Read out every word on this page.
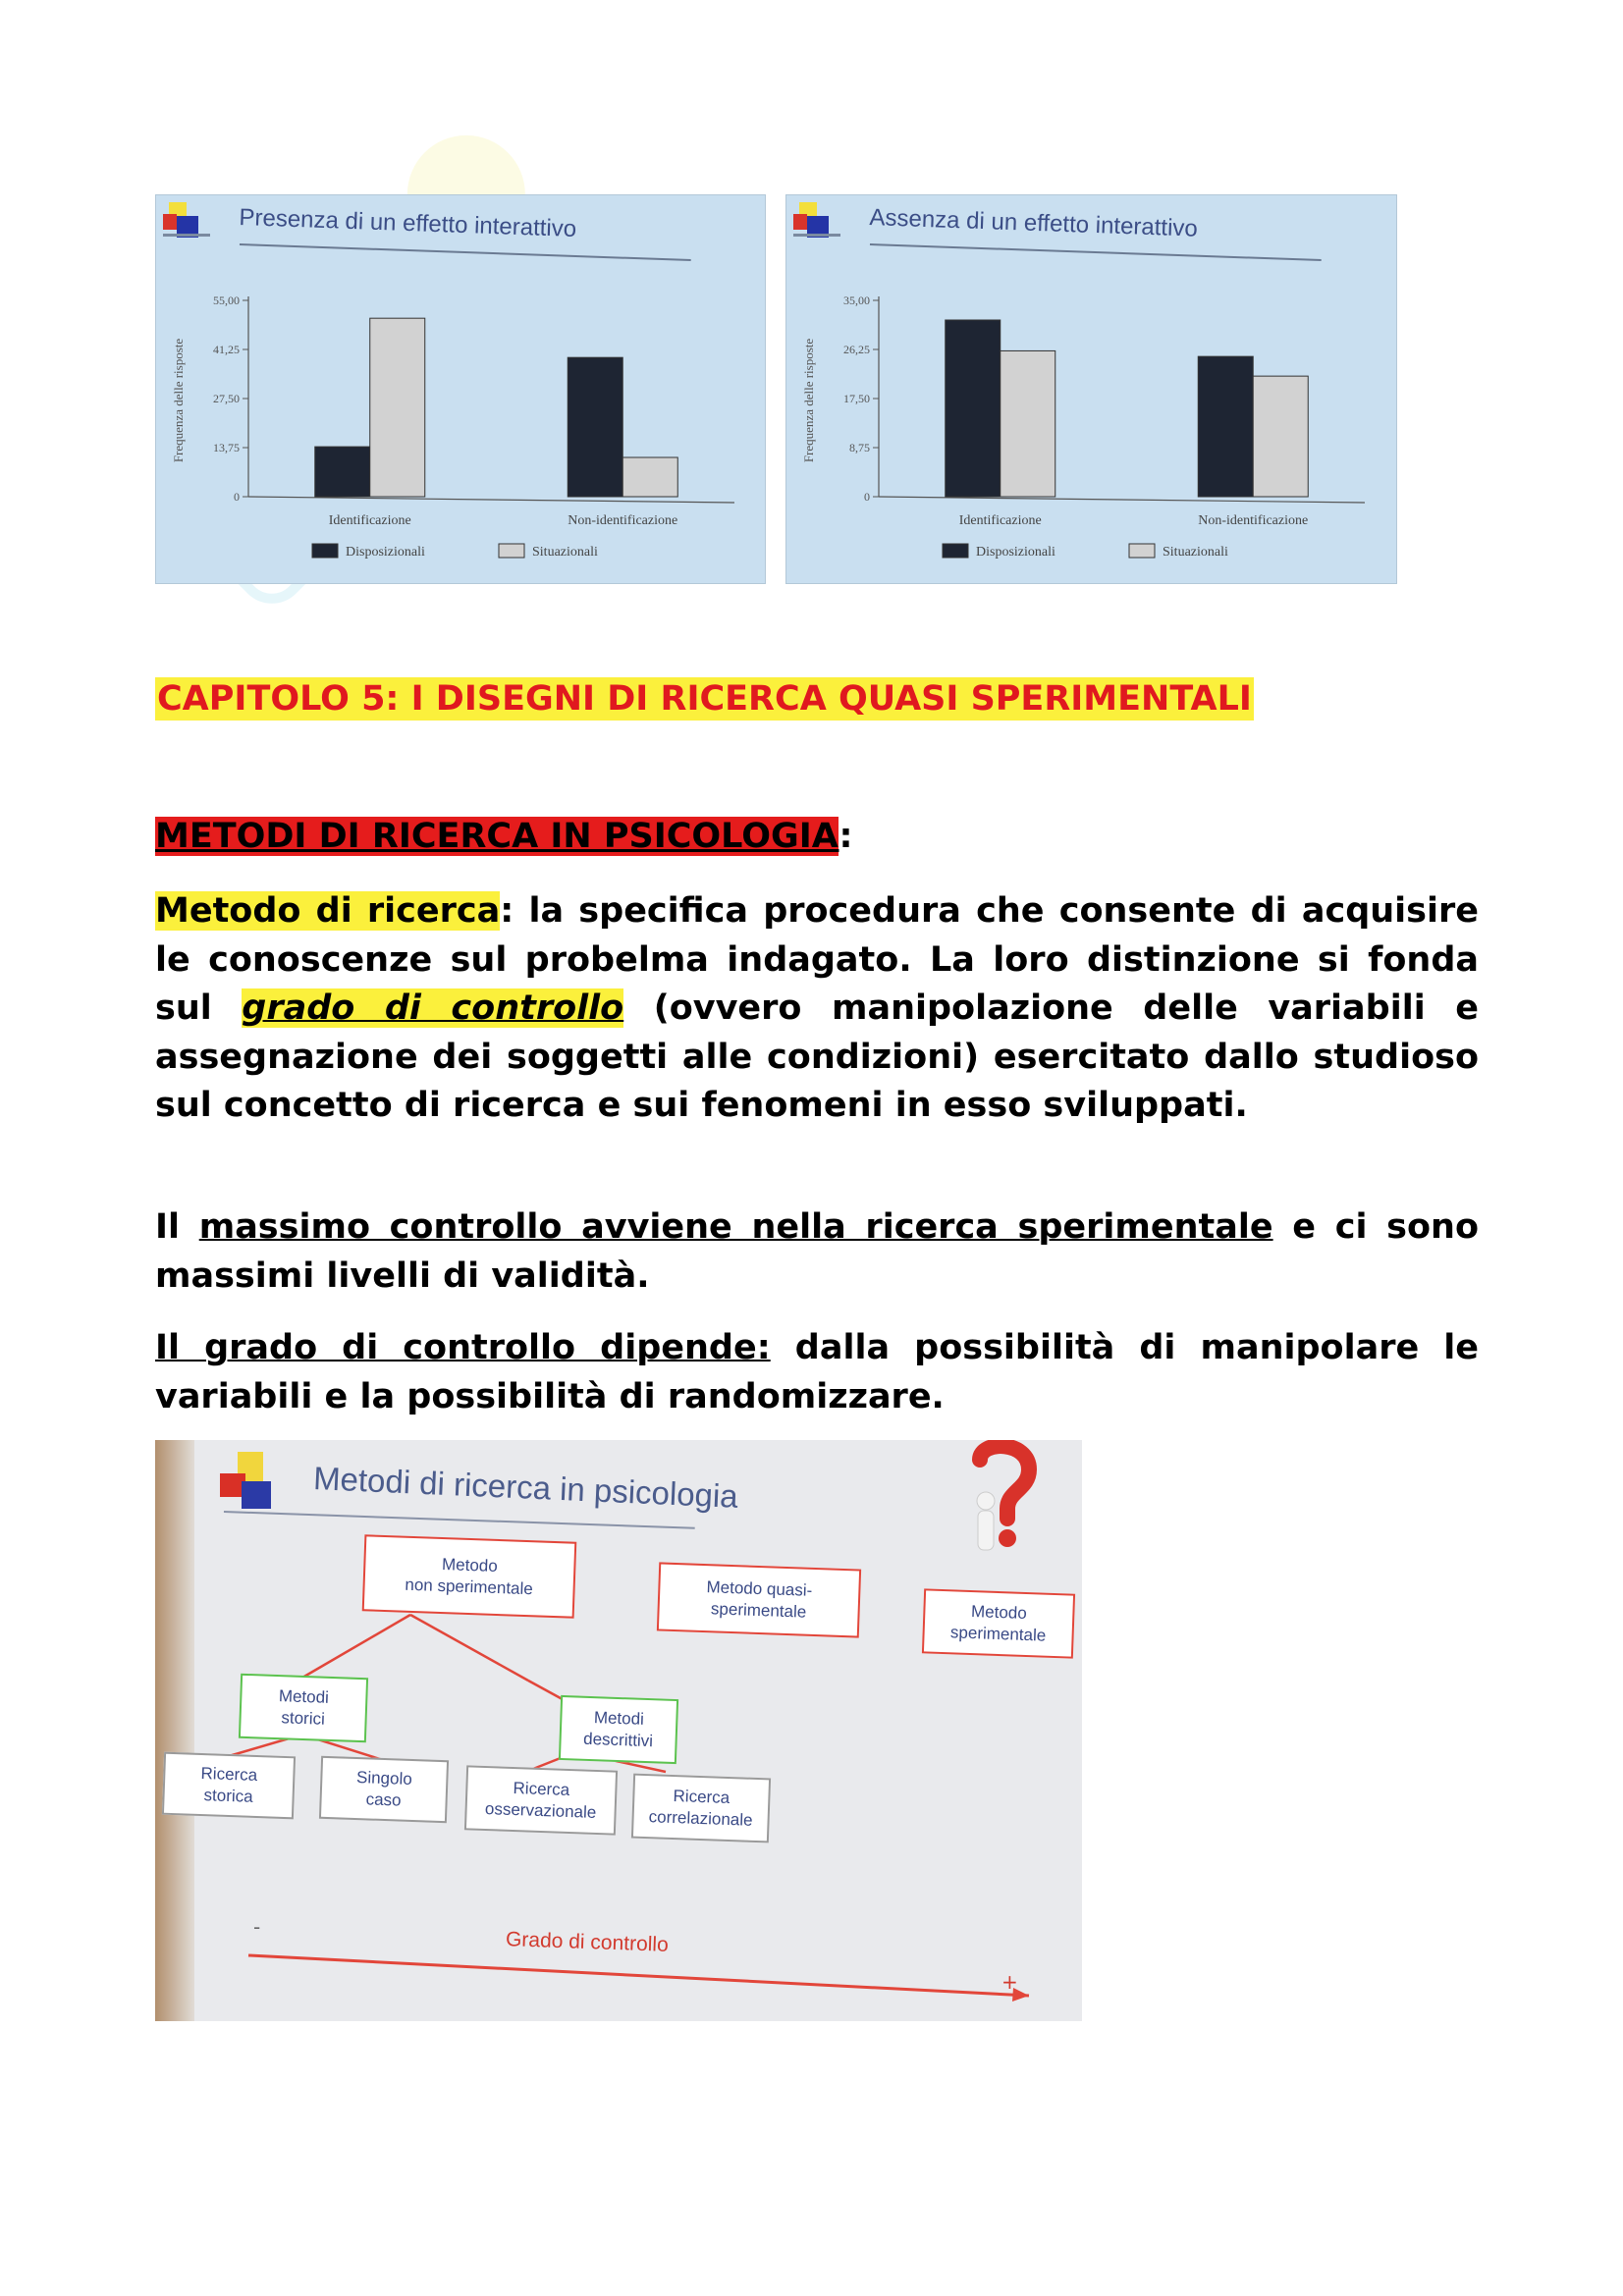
Presenza di un effetto interattivo
Frequenza delle risposte
55,00
41,25
27,50
13,75
0
Identificazione	Non-identificazione
Disposizionali	Situazionali
Assenza di un effetto interattivo
Frequenza delle risposte
35,00
26,25
17,50
8,75
0
Identificazione	Non-identificazione
Disposizionali	Situazionali
CAPITOLO 5: I DISEGNI DI RICERCA QUASI SPERIMENTALI
METODI DI RICERCA IN PSICOLOGIA:
Metodo di ricerca: la specifica procedura che consente di acquisire le conoscenze sul probelma indagato. La loro distinzione si fonda sul grado di controllo (ovvero manipolazione delle variabili e assegnazione dei soggetti alle condizioni) esercitato dallo studioso sul concetto di ricerca e sui fenomeni in esso sviluppati.
Il massimo controllo avviene nella ricerca sperimentale e ci sono massimi livelli di validità.
Il grado di controllo dipende: dalla possibilità di manipolare le variabili e la possibilità di randomizzare.
Metodi di ricerca in psicologia
Metodo
non sperimentale	Metodo quasi-
sperimentale	Metodo
sperimentale
Metodi
storici	Metodi
descrittivi
Ricerca
storica
Singolo
caso
Ricerca
osservazionale
Ricerca
correlazionale
-
Grado di controllo
+
